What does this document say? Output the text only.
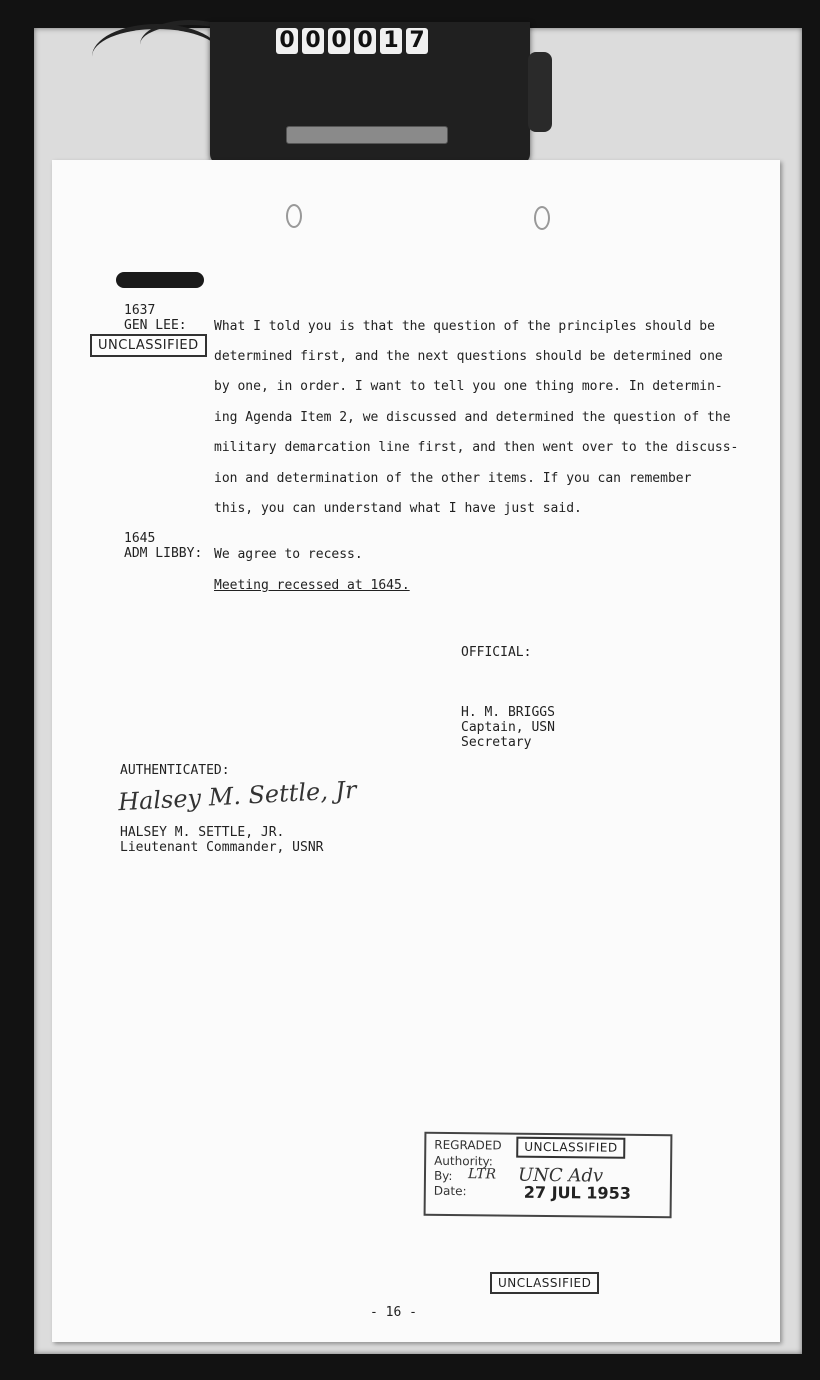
0 0 0 0 1 7
1637
GEN LEE:
UNCLASSIFIED
What I told you is that the question of the principles should be
determined first, and the next questions should be determined one
by one, in order. I want to tell you one thing more. In determin-
ing Agenda Item 2, we discussed and determined the question of the
military demarcation line first, and then went over to the discuss-
ion and determination of the other items. If you can remember
this, you can understand what I have just said.
1645
ADM LIBBY: We agree to recess.
Meeting recessed at 1645.
OFFICIAL:
H. M. BRIGGS
Captain, USN
Secretary
AUTHENTICATED:
Halsey M. Settle, Jr
HALSEY M. SETTLE, JR.
Lieutenant Commander, USNR
REGRADED	UNCLASSIFIED
Authority:
By: LTR UNC Adv
Date:	27 JUL 1953
UNCLASSIFIED
- 16 -
